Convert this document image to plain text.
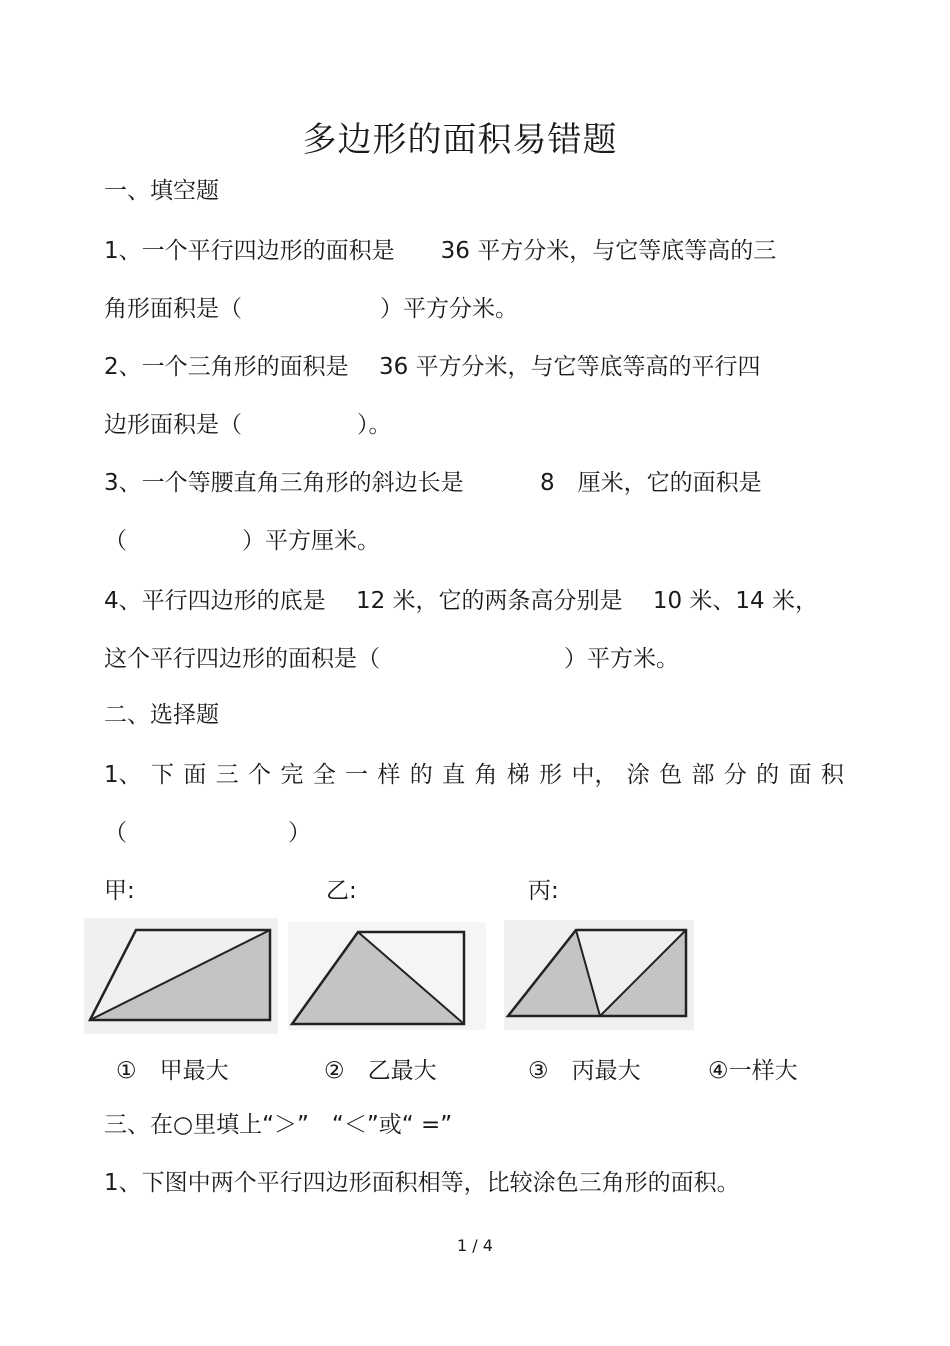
多边形的面积易错题
一、填空题
1、一个平行四边形的面积是　　36 平方分米，与它等底等高的三
角形面积是（　　　　　　）平方分米。
2、一个三角形的面积是　 36 平方分米，与它等底等高的平行四
边形面积是（　　　　　）。
3、一个等腰直角三角形的斜边长是　　　 8　厘米，它的面积是
（　　　　　）平方厘米。
4、平行四边形的底是　 12 米，它的两条高分别是　 10 米、14 米，
这个平行四边形的面积是（　　　　　　　　）平方米。
二、选择题
1、 下 面 三 个 完 全 一 样 的 直 角 梯 形 中， 涂 色 部 分 的 面 积
（　　　　　　　）
甲:	乙:	丙:
①　甲最大	②　乙最大	③　丙最大	④一样大
三、在○里填上“＞”　“＜”或“ =”
1、下图中两个平行四边形面积相等，比较涂色三角形的面积。
1 / 4
